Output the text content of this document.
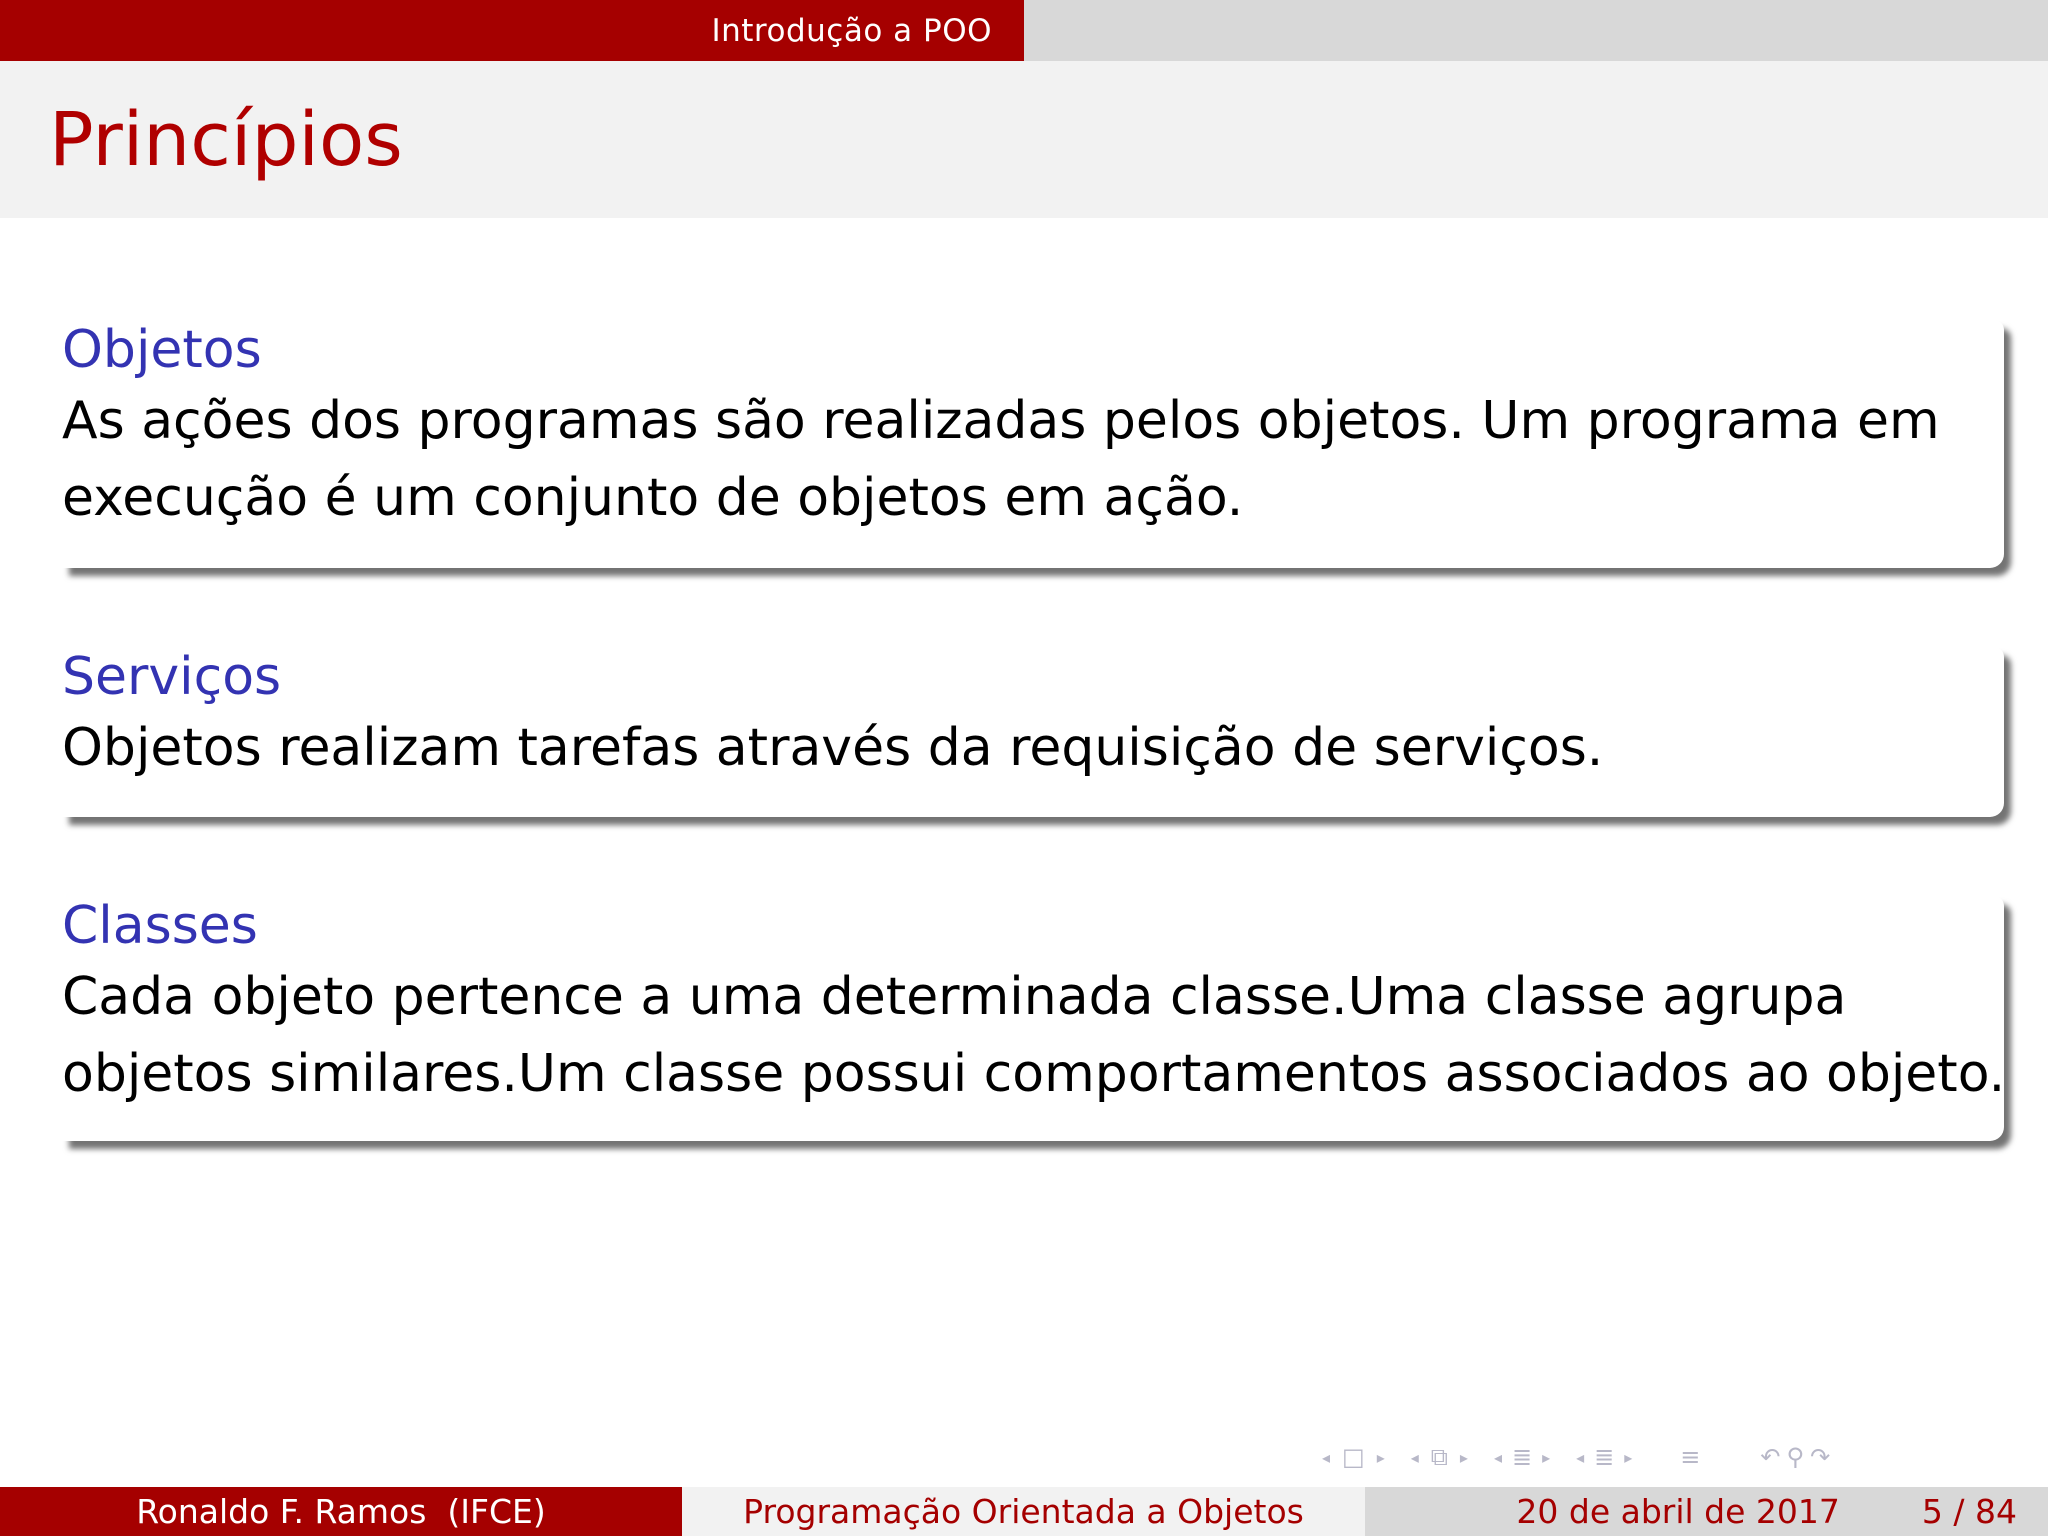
Introdução a POO
Princípios
Objetos
As ações dos programas são realizadas pelos objetos. Um programa em
execução é um conjunto de objetos em ação.
Serviços
Objetos realizam tarefas através da requisição de serviços.
Classes
Cada objeto pertence a uma determinada classe.Uma classe agrupa
objetos similares.Um classe possui comportamentos associados ao objeto.
◂ □ ▸ ◂ ⧉ ▸ ◂ ≣ ▸ ◂ ≣ ▸ ≡	↶ ⚲ ↷
Ronaldo F. Ramos  (IFCE)	Programação Orientada a Objetos	20 de abril de 2017 5 / 84
